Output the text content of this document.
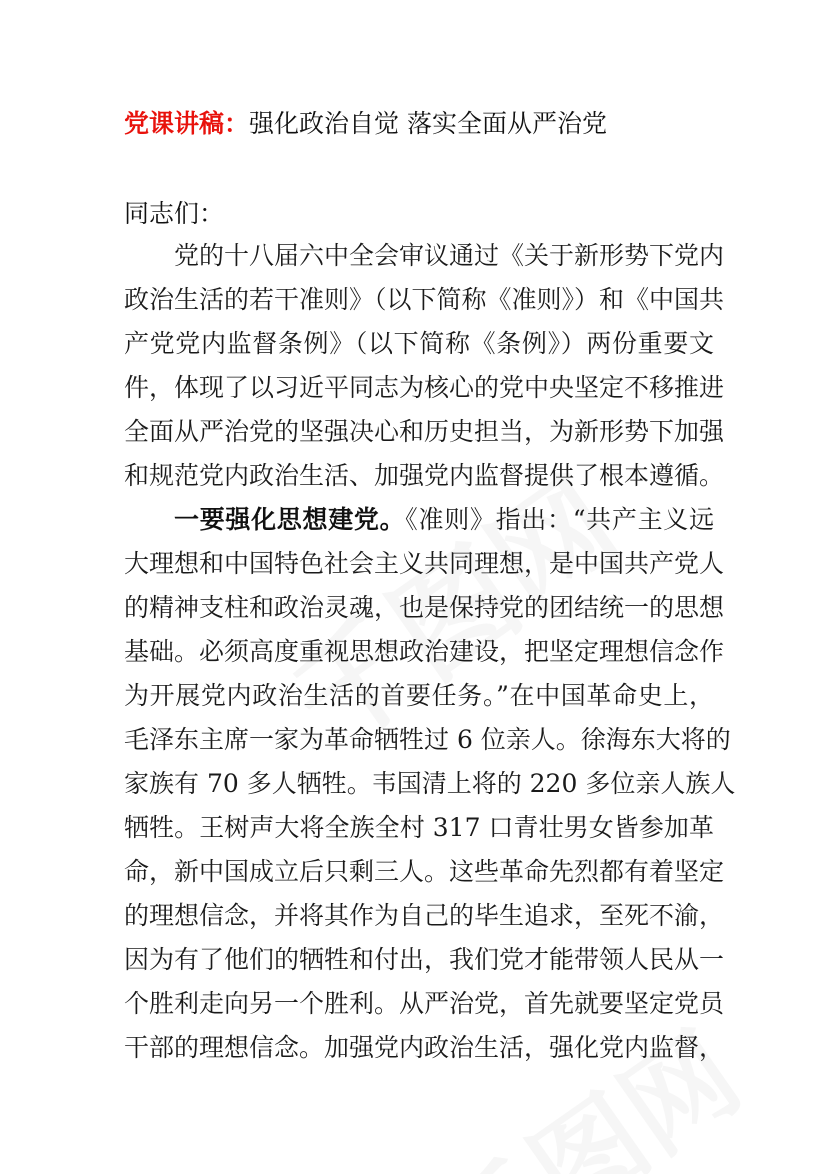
党课讲稿：强化政治自觉 落实全面从严治党
同志们：
党的十八届六中全会审议通过《关于新形势下党内
政治生活的若干准则》（以下简称《准则》）和《中国共
产党党内监督条例》（以下简称《条例》）两份重要文
件，体现了以习近平同志为核心的党中央坚定不移推进
全面从严治党的坚强决心和历史担当，为新形势下加强
和规范党内政治生活、加强党内监督提供了根本遵循。
一要强化思想建党。《准则》指出：“共产主义远
大理想和中国特色社会主义共同理想，是中国共产党人
的精神支柱和政治灵魂，也是保持党的团结统一的思想
基础。必须高度重视思想政治建设，把坚定理想信念作
为开展党内政治生活的首要任务。”在中国革命史上，
毛泽东主席一家为革命牺牲过 6 位亲人。徐海东大将的
家族有 70 多人牺牲。韦国清上将的 220 多位亲人族人
牺牲。王树声大将全族全村 317 口青壮男女皆参加革
命，新中国成立后只剩三人。这些革命先烈都有着坚定
的理想信念，并将其作为自己的毕生追求，至死不渝，
因为有了他们的牺牲和付出，我们党才能带领人民从一
个胜利走向另一个胜利。从严治党，首先就要坚定党员
干部的理想信念。加强党内政治生活，强化党内监督，
